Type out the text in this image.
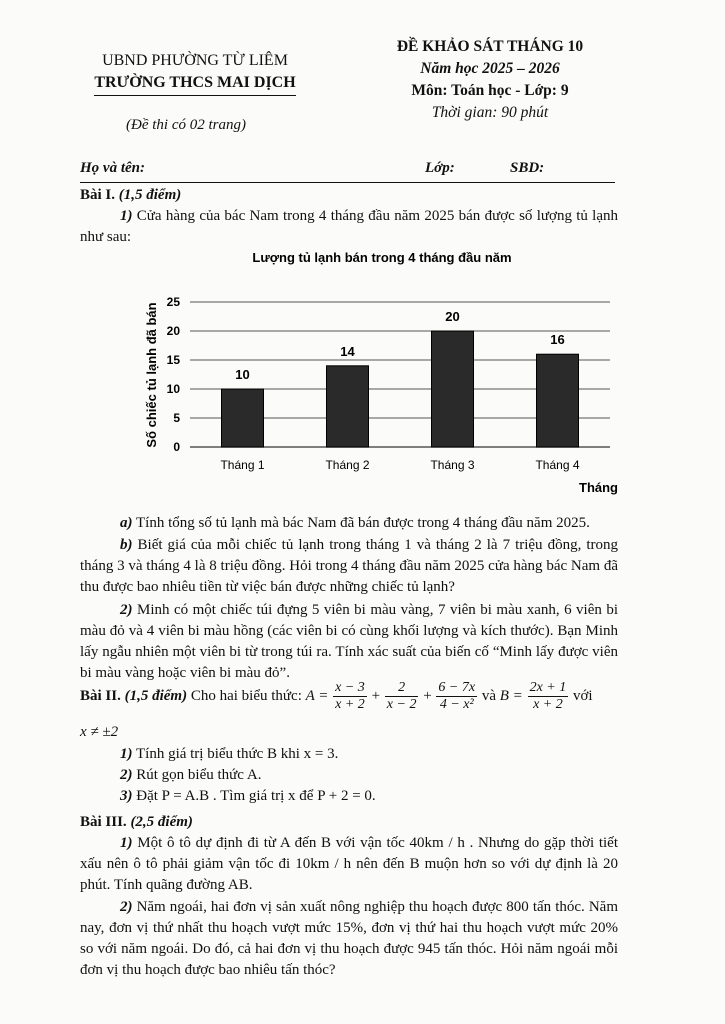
UBND PHƯỜNG TỪ LIÊM
TRƯỜNG THCS MAI DỊCH
(Đề thi có 02 trang)
ĐỀ KHẢO SÁT THÁNG 10
Năm học 2025 – 2026
Môn: Toán học - Lớp: 9
Thời gian: 90 phút
Họ và tên:	Lớp:	SBD:
Bài I. (1,5 điểm)
1) Cửa hàng của bác Nam trong 4 tháng đầu năm 2025 bán được số lượng tủ lạnh như sau:
Lượng tủ lạnh bán trong 4 tháng đầu năm
Số chiếc tủ lạnh đã bán
Tháng
0
5
10
15
20
25
Tháng 1	Tháng 2	Tháng 3	Tháng 4
10
14
20
16
a) Tính tổng số tủ lạnh mà bác Nam đã bán được trong 4 tháng đầu năm 2025.
b) Biết giá của mỗi chiếc tủ lạnh trong tháng 1 và tháng 2 là 7 triệu đồng, trong tháng 3 và tháng 4 là 8 triệu đồng. Hỏi trong 4 tháng đầu năm 2025 cửa hàng bác Nam đã thu được bao nhiêu tiền từ việc bán được những chiếc tủ lạnh?
2) Minh có một chiếc túi đựng 5 viên bi màu vàng, 7 viên bi màu xanh, 6 viên bi màu đỏ và 4 viên bi màu hồng (các viên bi có cùng khối lượng và kích thước). Bạn Minh lấy ngẫu nhiên một viên bi từ trong túi ra. Tính xác suất của biến cố “Minh lấy được viên bi màu vàng hoặc viên bi màu đỏ”.
Bài II. (1,5 điểm) Cho hai biểu thức: $A = \frac{x - 3}{x + 2} + \frac{2}{x - 2} + \frac{6 - 7x}{\text{4 − x²}}$ và $B = \frac{2x + 1}{x + 2}$ với
x ≠ ±2
1) Tính giá trị biểu thức B khi x = 3.
2) Rút gọn biểu thức A.
3) Đặt P = A.B . Tìm giá trị x để P + 2 = 0.
Bài III. (2,5 điểm)
1) Một ô tô dự định đi từ A đến B với vận tốc 40km / h . Nhưng do gặp thời tiết xấu nên ô tô phải giảm vận tốc đi 10km / h nên đến B muộn hơn so với dự định là 20 phút. Tính quãng đường AB.
2) Năm ngoái, hai đơn vị sản xuất nông nghiệp thu hoạch được 800 tấn thóc. Năm nay, đơn vị thứ nhất thu hoạch vượt mức 15%, đơn vị thứ hai thu hoạch vượt mức 20% so với năm ngoái. Do đó, cả hai đơn vị thu hoạch được 945 tấn thóc. Hỏi năm ngoái mỗi đơn vị thu hoạch được bao nhiêu tấn thóc?
